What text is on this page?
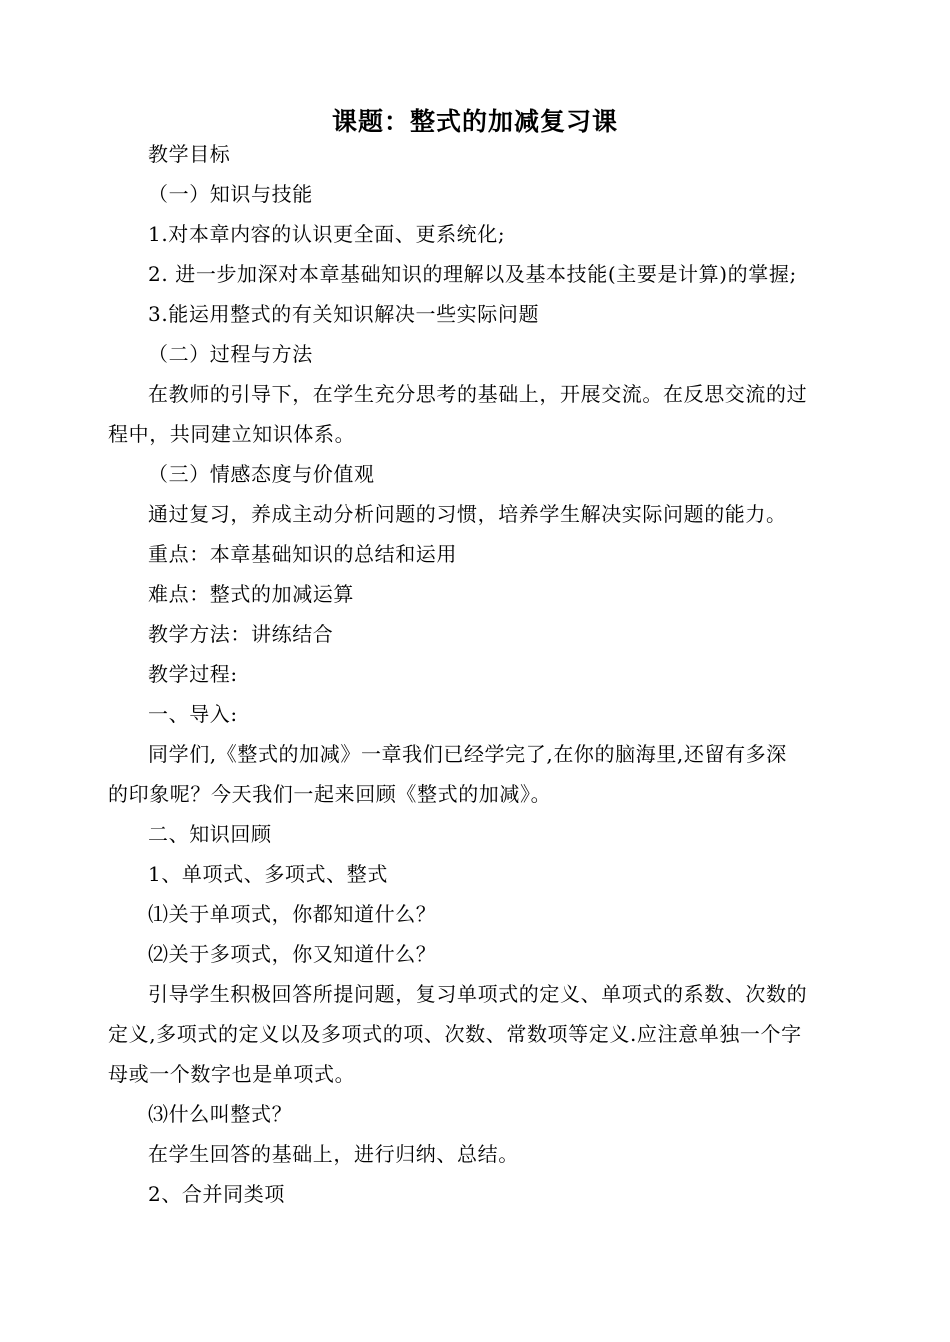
课题：整式的加减复习课
教学目标
（一）知识与技能
1.对本章内容的认识更全面、更系统化;
2. 进一步加深对本章基础知识的理解以及基本技能(主要是计算)的掌握;
3.能运用整式的有关知识解决一些实际问题
（二）过程与方法
在教师的引导下，在学生充分思考的基础上，开展交流。在反思交流的过
程中，共同建立知识体系。
（三）情感态度与价值观
通过复习，养成主动分析问题的习惯，培养学生解决实际问题的能力。
重点：本章基础知识的总结和运用
难点：整式的加减运算
教学方法：讲练结合
教学过程:
一、导入:
同学们,《整式的加减》一章我们已经学完了,在你的脑海里,还留有多深
的印象呢？今天我们一起来回顾《整式的加减》。
二、知识回顾
1、单项式、多项式、整式
⑴关于单项式，你都知道什么？
⑵关于多项式，你又知道什么？
引导学生积极回答所提问题，复习单项式的定义、单项式的系数、次数的
定义,多项式的定义以及多项式的项、次数、常数项等定义.应注意单独一个字
母或一个数字也是单项式。
⑶什么叫整式？
在学生回答的基础上，进行归纳、总结。
2、合并同类项
